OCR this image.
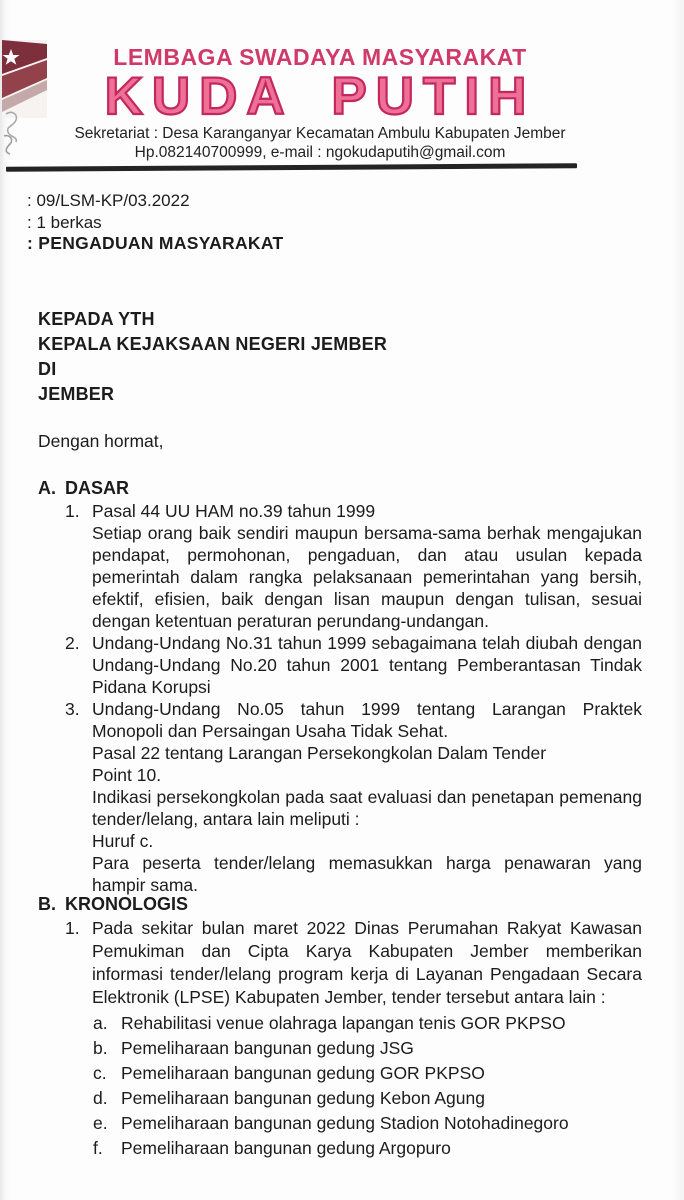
LEMBAGA SWADAYA MASYARAKAT
KUDA PUTIH
Sekretariat : Desa Karanganyar Kecamatan Ambulu Kabupaten Jember
Hp.082140700999, e-mail : ngokudaputih@gmail.com
: 09/LSM-KP/03.2022
: 1 berkas
: PENGADUAN MASYARAKAT
KEPADA YTH
KEPALA KEJAKSAAN NEGERI JEMBER
DI
JEMBER
Dengan hormat,
A. DASAR
1. Pasal 44 UU HAM no.39 tahun 1999
Setiap orang baik sendiri maupun bersama-sama berhak mengajukan pendapat, permohonan, pengaduan, dan atau usulan kepada pemerintah dalam rangka pelaksanaan pemerintahan yang bersih, efektif, efisien, baik dengan lisan maupun dengan tulisan, sesuai dengan ketentuan peraturan perundang-undangan.
2. Undang-Undang No.31 tahun 1999 sebagaimana telah diubah dengan Undang-Undang No.20 tahun 2001 tentang Pemberantasan Tindak Pidana Korupsi
3. Undang-Undang No.05 tahun 1999 tentang Larangan Praktek Monopoli dan Persaingan Usaha Tidak Sehat.
Pasal 22 tentang Larangan Persekongkolan Dalam Tender
Point 10.
Indikasi persekongkolan pada saat evaluasi dan penetapan pemenang tender/lelang, antara lain meliputi :
Huruf c.
Para peserta tender/lelang memasukkan harga penawaran yang hampir sama.
B. KRONOLOGIS
1. Pada sekitar bulan maret 2022 Dinas Perumahan Rakyat Kawasan Pemukiman dan Cipta Karya Kabupaten Jember memberikan informasi tender/lelang program kerja di Layanan Pengadaan Secara Elektronik (LPSE) Kabupaten Jember, tender tersebut antara lain :
a. Rehabilitasi venue olahraga lapangan tenis GOR PKPSO
b. Pemeliharaan bangunan gedung JSG
c. Pemeliharaan bangunan gedung GOR PKPSO
d. Pemeliharaan bangunan gedung Kebon Agung
e. Pemeliharaan bangunan gedung Stadion Notohadinegoro
f. Pemeliharaan bangunan gedung Argopuro
